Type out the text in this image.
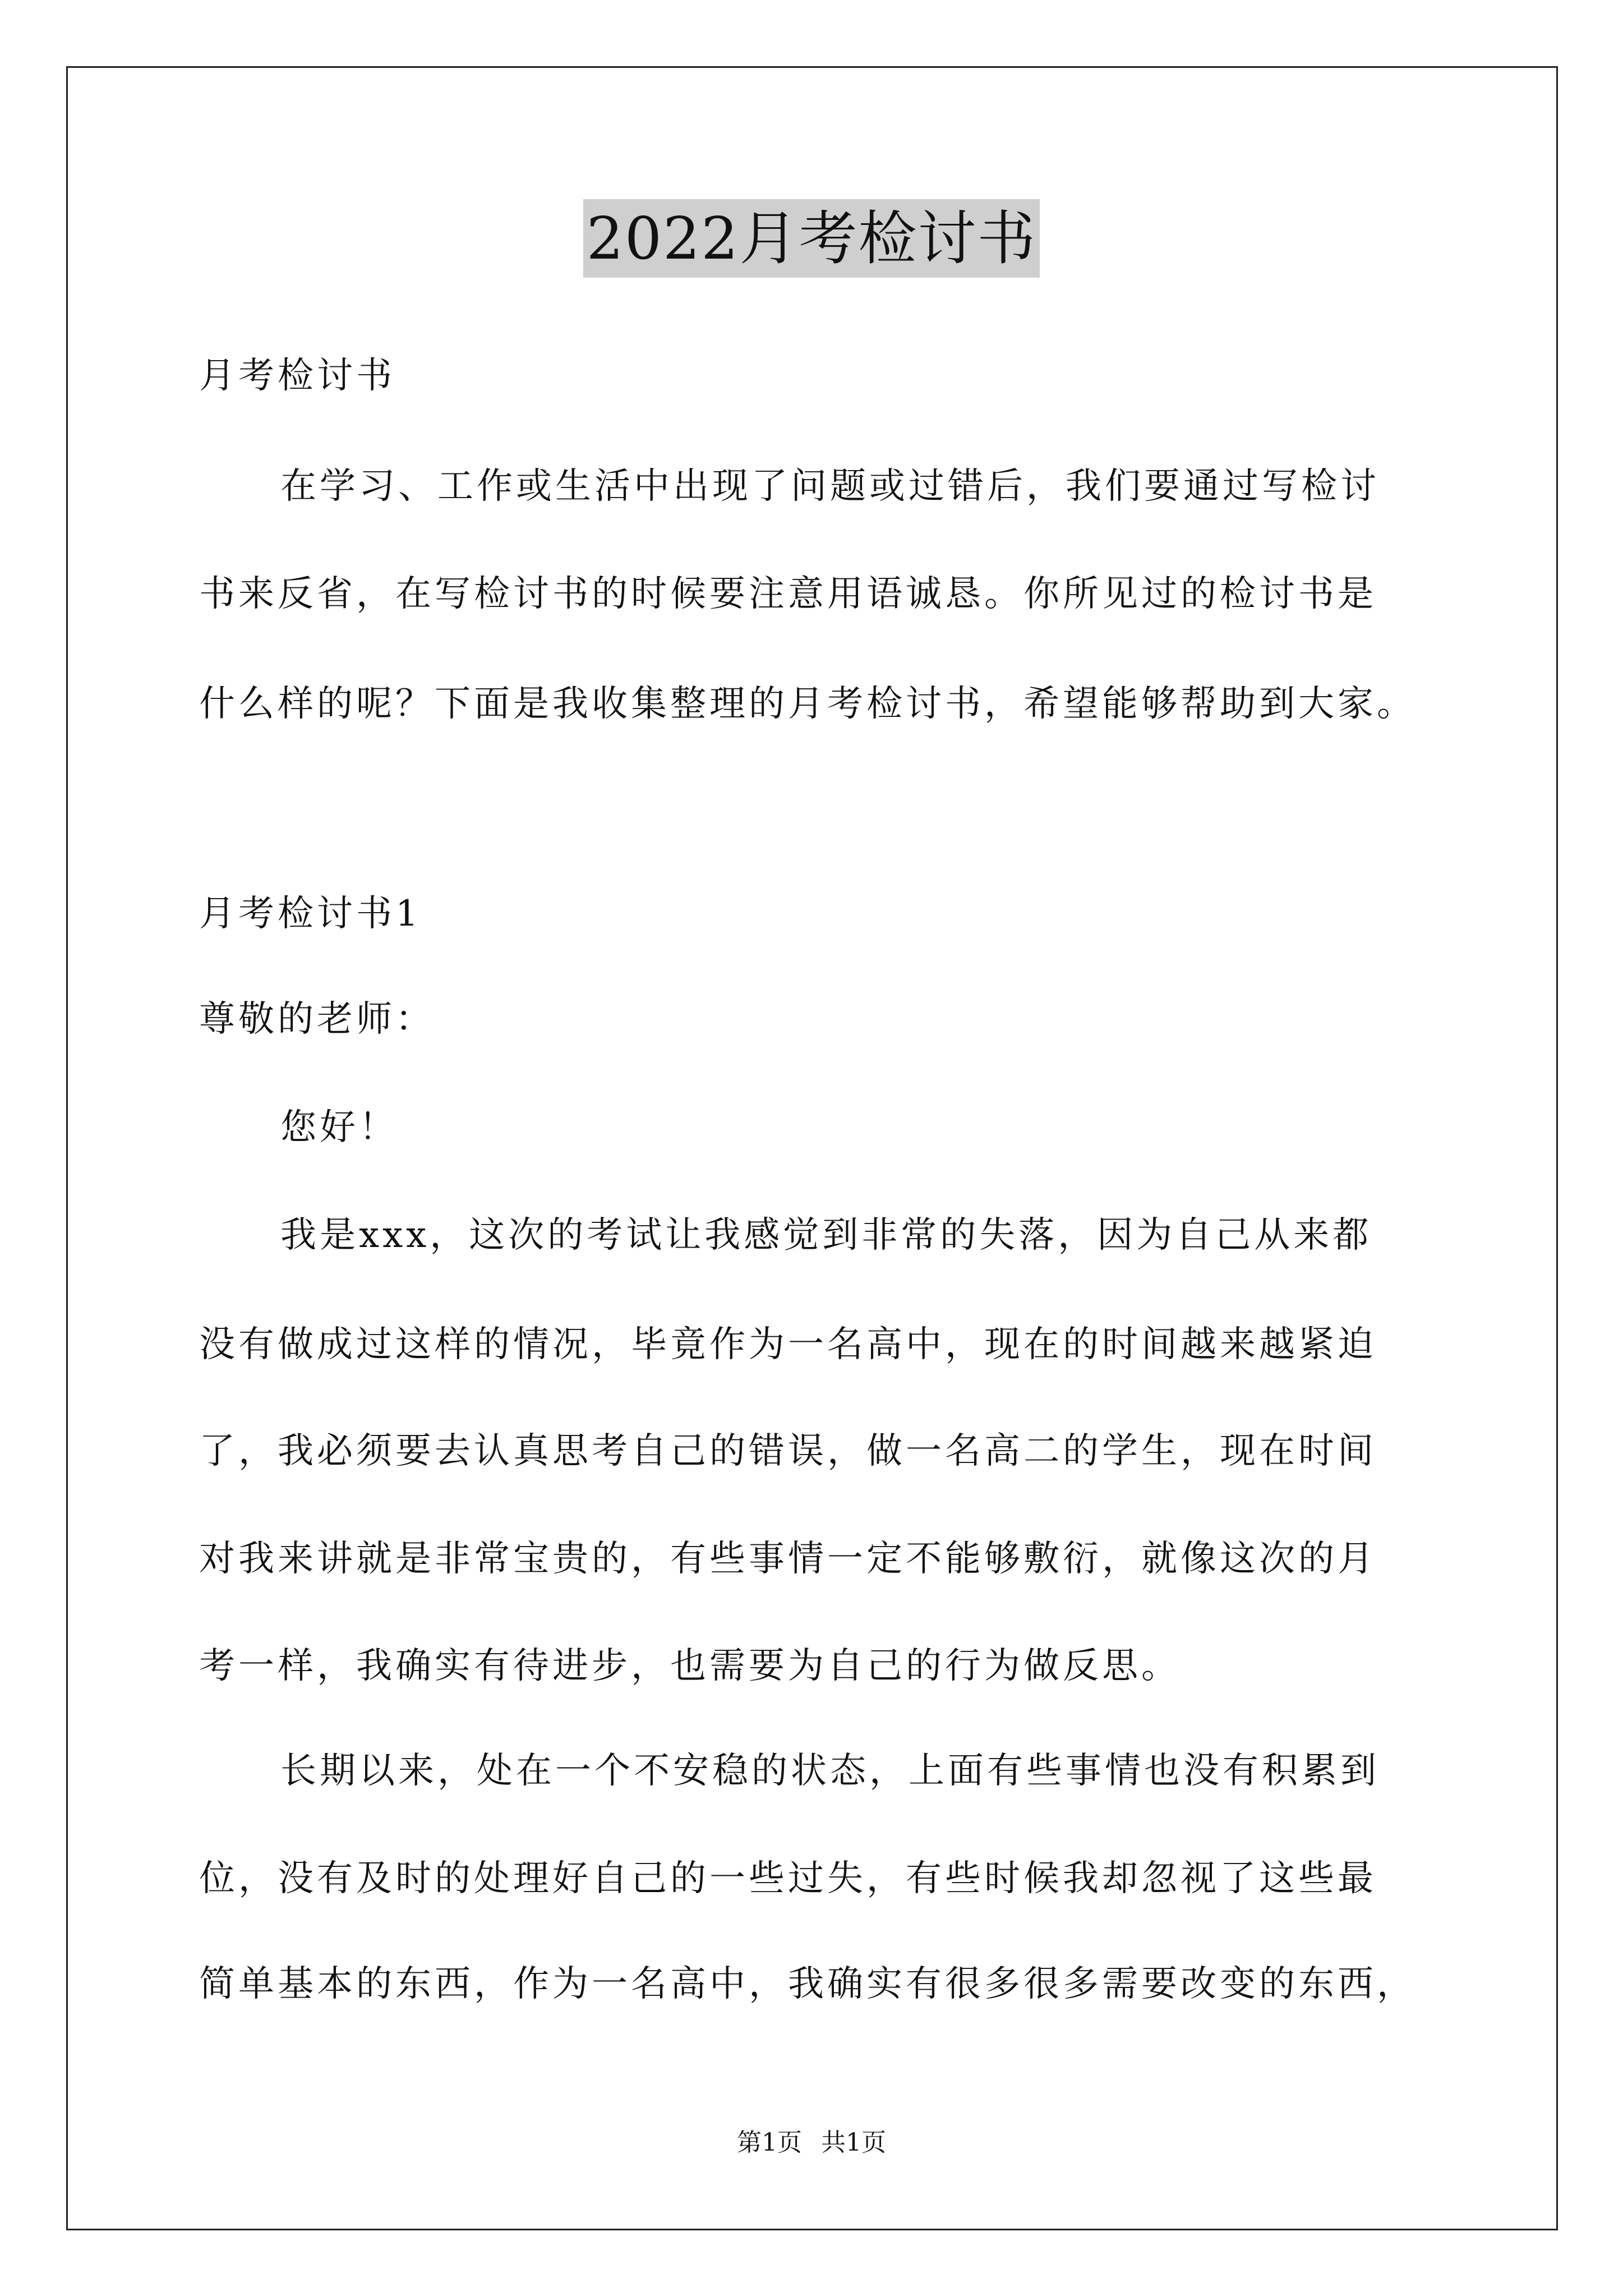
2022月考检讨书
月考检讨书
在学习、工作或生活中出现了问题或过错后，我们要通过写检讨
书来反省，在写检讨书的时候要注意用语诚恳。你所见过的检讨书是
什么样的呢？下面是我收集整理的月考检讨书，希望能够帮助到大家。
月考检讨书1
尊敬的老师：
您好！
我是xxx，这次的考试让我感觉到非常的失落，因为自己从来都
没有做成过这样的情况，毕竟作为一名高中，现在的时间越来越紧迫
了，我必须要去认真思考自己的错误，做一名高二的学生，现在时间
对我来讲就是非常宝贵的，有些事情一定不能够敷衍，就像这次的月
考一样，我确实有待进步，也需要为自己的行为做反思。
长期以来，处在一个不安稳的状态，上面有些事情也没有积累到
位，没有及时的处理好自己的一些过失，有些时候我却忽视了这些最
简单基本的东西，作为一名高中，我确实有很多很多需要改变的东西，
第1页 共1页
